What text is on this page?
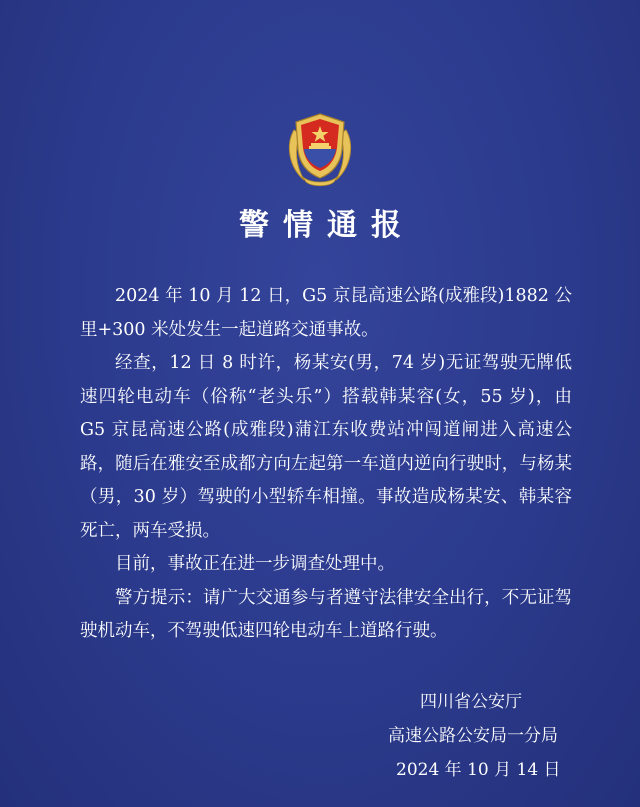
警情通报

2024 年 10 月 12 日，G5 京昆高速公路(成雅段)1882 公里+300 米处发生一起道路交通事故。

经查，12 日 8 时许，杨某安(男，74 岁)无证驾驶无牌低速四轮电动车（俗称“老头乐”）搭载韩某容(女，55 岁)，由 G5 京昆高速公路(成雅段)蒲江东收费站冲闯道闸进入高速公路，随后在雅安至成都方向左起第一车道内逆向行驶时，与杨某（男，30 岁）驾驶的小型轿车相撞。事故造成杨某安、韩某容死亡，两车受损。

目前，事故正在进一步调查处理中。

警方提示：请广大交通参与者遵守法律安全出行，不无证驾驶机动车，不驾驶低速四轮电动车上道路行驶。

四川省公安厅
高速公路公安局一分局
2024 年 10 月 14 日
